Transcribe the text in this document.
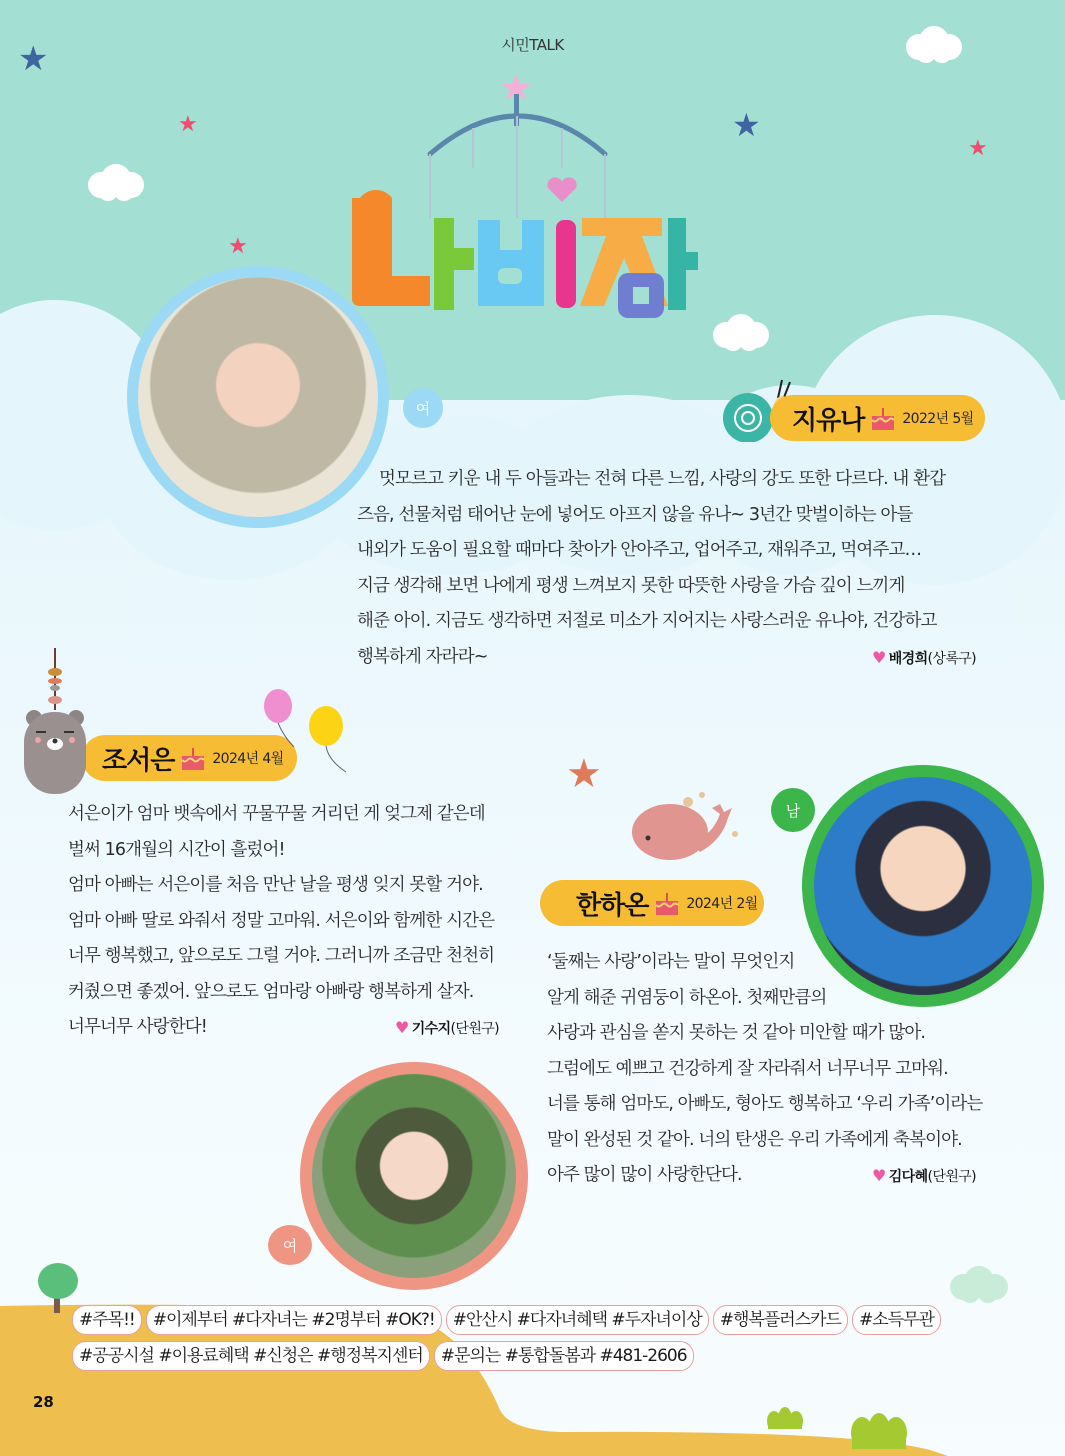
시민TALK
★
★
★
★
★
여	지유나	2022년 5월
멋모르고 키운 내 두 아들과는 전혀 다른 느낌, 사랑의 강도 또한 다르다. 내 환갑
즈음, 선물처럼 태어난 눈에 넣어도 아프지 않을 유나~ 3년간 맞벌이하는 아들
내외가 도움이 필요할 때마다 찾아가 안아주고, 업어주고, 재워주고, 먹여주고…
지금 생각해 보면 나에게 평생 느껴보지 못한 따뜻한 사랑을 가슴 깊이 느끼게
해준 아이. 지금도 생각하면 저절로 미소가 지어지는 사랑스러운 유나야, 건강하고
행복하게 자라라~	♥ 배경희(상록구)
조서은	2024년 4월
서은이가 엄마 뱃속에서 꾸물꾸물 거리던 게 엊그제 같은데
벌써 16개월의 시간이 흘렀어!
엄마 아빠는 서은이를 처음 만난 날을 평생 잊지 못할 거야.
엄마 아빠 딸로 와줘서 정말 고마워. 서은이와 함께한 시간은
너무 행복했고, 앞으로도 그럴 거야. 그러니까 조금만 천천히
커줬으면 좋겠어. 앞으로도 엄마랑 아빠랑 행복하게 살자.
너무너무 사랑한다!	♥ 기수지(단원구)
여
★
남
한하온	2024년 2월
‘둘째는 사랑’이라는 말이 무엇인지
알게 해준 귀염둥이 하온아. 첫째만큼의
사랑과 관심을 쏟지 못하는 것 같아 미안할 때가 많아.
그럼에도 예쁘고 건강하게 잘 자라줘서 너무너무 고마워.
너를 통해 엄마도, 아빠도, 형아도 행복하고 ‘우리 가족’이라는
말이 완성된 것 같아. 너의 탄생은 우리 가족에게 축복이야.
아주 많이 많이 사랑한단다.	♥ 김다혜(단원구)
#주목!!	#이제부터 #다자녀는 #2명부터 #OK?!	#안산시 #다자녀혜택 #두자녀이상	#행복플러스카드	#소득무관
#공공시설 #이용료혜택 #신청은 #행정복지센터	#문의는 #통합돌봄과 #481-2606
28
